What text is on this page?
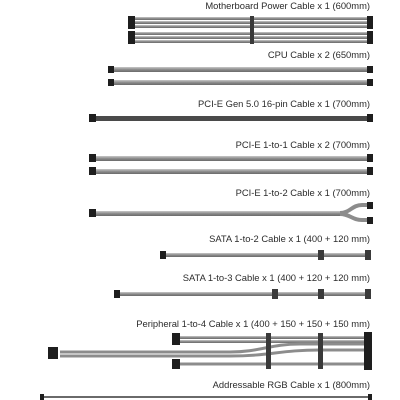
Motherboard Power Cable x 1 (600mm)
CPU Cable x 2 (650mm)
PCI-E Gen 5.0 16-pin Cable x 1 (700mm)
PCI-E 1-to-1 Cable x 2 (700mm)
PCI-E 1-to-2 Cable x 1 (700mm)
SATA 1-to-2 Cable x 1 (400 + 120 mm)
SATA 1-to-3 Cable x 1 (400 + 120 + 120 mm)
Peripheral 1-to-4 Cable x 1 (400 + 150 + 150 + 150 mm)
Addressable RGB Cable x 1 (800mm)
